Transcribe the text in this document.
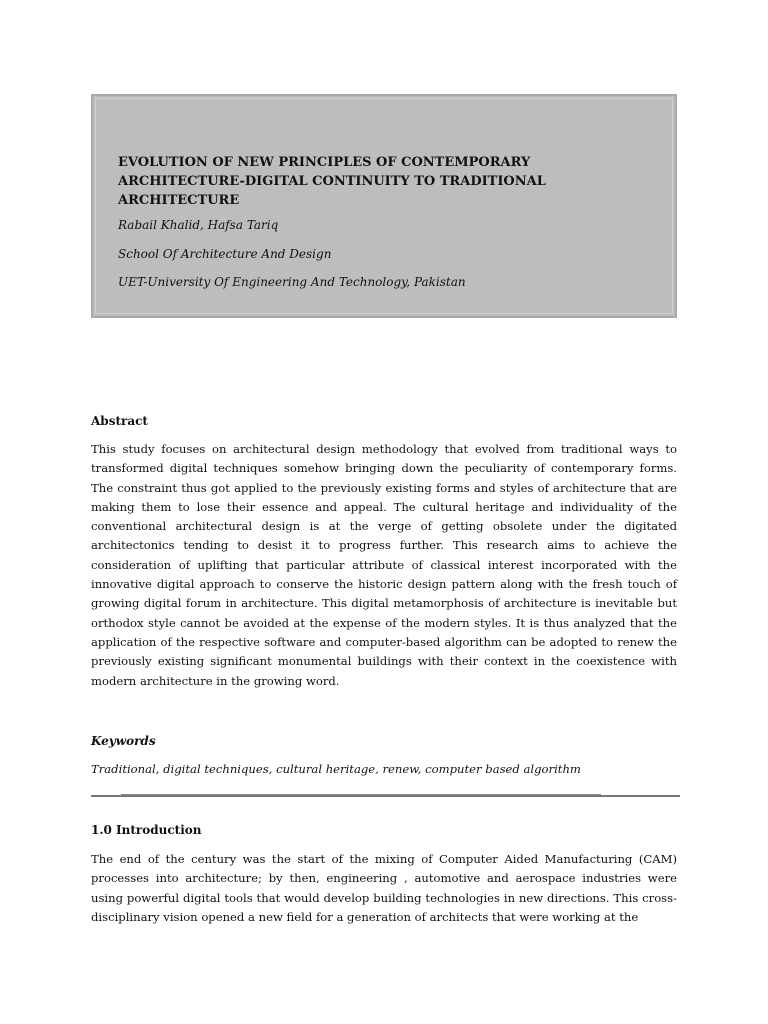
EVOLUTION OF NEW PRINCIPLES OF CONTEMPORARY
ARCHITECTURE-DIGITAL CONTINUITY TO TRADITIONAL
ARCHITECTURE

Rabail Khalid, Hafsa Tariq

School Of Architecture And Design

UET-University Of Engineering And Technology, Pakistan

Abstract

This study focuses on architectural design methodology that evolved from traditional ways to transformed digital techniques somehow bringing down the peculiarity of contemporary forms. The constraint thus got applied to the previously existing forms and styles of architecture that are making them to lose their essence and appeal. The cultural heritage and individuality of the conventional architectural design is at the verge of getting obsolete under the digitated architectonics tending to desist it to progress further. This research aims to achieve the consideration of uplifting that particular attribute of classical interest incorporated with the innovative digital approach to conserve the historic design pattern along with the fresh touch of growing digital forum in architecture. This digital metamorphosis of architecture is inevitable but orthodox style cannot be avoided at the expense of the modern styles. It is thus analyzed that the application of the respective software and computer-based algorithm can be adopted to renew the previously existing significant monumental buildings with their context in the coexistence with modern architecture in the growing word.

Keywords

Traditional, digital techniques, cultural heritage, renew, computer based algorithm

1.0 Introduction

The end of the century was the start of the mixing of Computer Aided Manufacturing (CAM) processes into architecture; by then, engineering , automotive and aerospace industries were using powerful digital tools that would develop building technologies in new directions. This cross-disciplinary vision opened a new field for a generation of architects that were working at the
